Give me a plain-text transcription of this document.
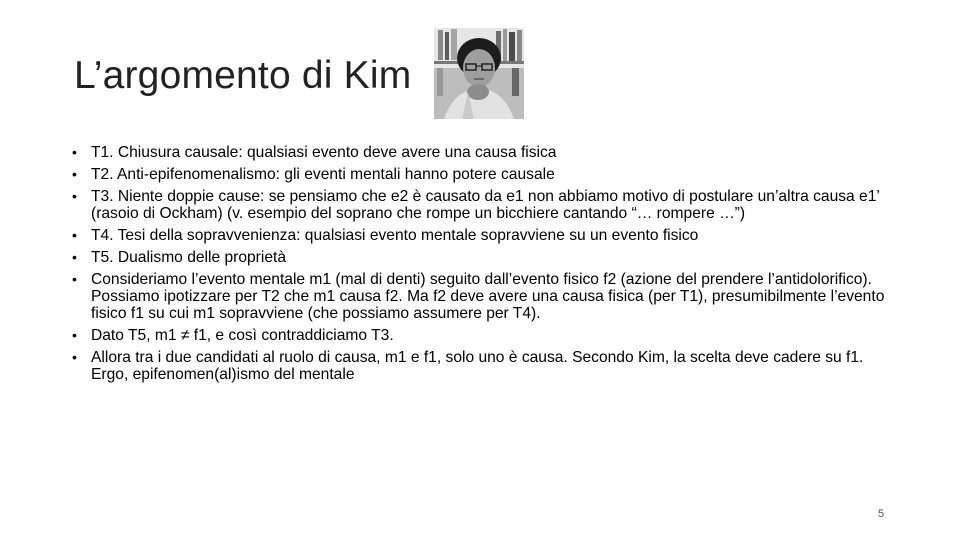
L’argomento di Kim
• T1. Chiusura causale: qualsiasi evento deve avere una causa fisica
• T2. Anti-epifenomenalismo: gli eventi mentali hanno potere causale
• T3. Niente doppie cause: se pensiamo che e2 è causato da e1 non abbiamo motivo di postulare un’altra causa e1’ (rasoio di Ockham) (v. esempio del soprano che rompe un bicchiere cantando “… rompere …”)
• T4. Tesi della sopravvenienza: qualsiasi evento mentale sopravviene su un evento fisico
• T5. Dualismo delle proprietà
• Consideriamo l’evento mentale m1 (mal di denti) seguito dall’evento fisico f2 (azione del prendere l’antidolorifico). Possiamo ipotizzare per T2 che m1 causa f2. Ma f2 deve avere una causa fisica (per T1), presumibilmente l’evento fisico f1 su cui m1 sopravviene (che possiamo assumere per T4).
• Dato T5, m1 ≠ f1, e così contraddiciamo T3.
• Allora tra i due candidati al ruolo di causa, m1 e f1, solo uno è causa. Secondo Kim, la scelta deve cadere su f1. Ergo, epifenomen(al)ismo del mentale
5
